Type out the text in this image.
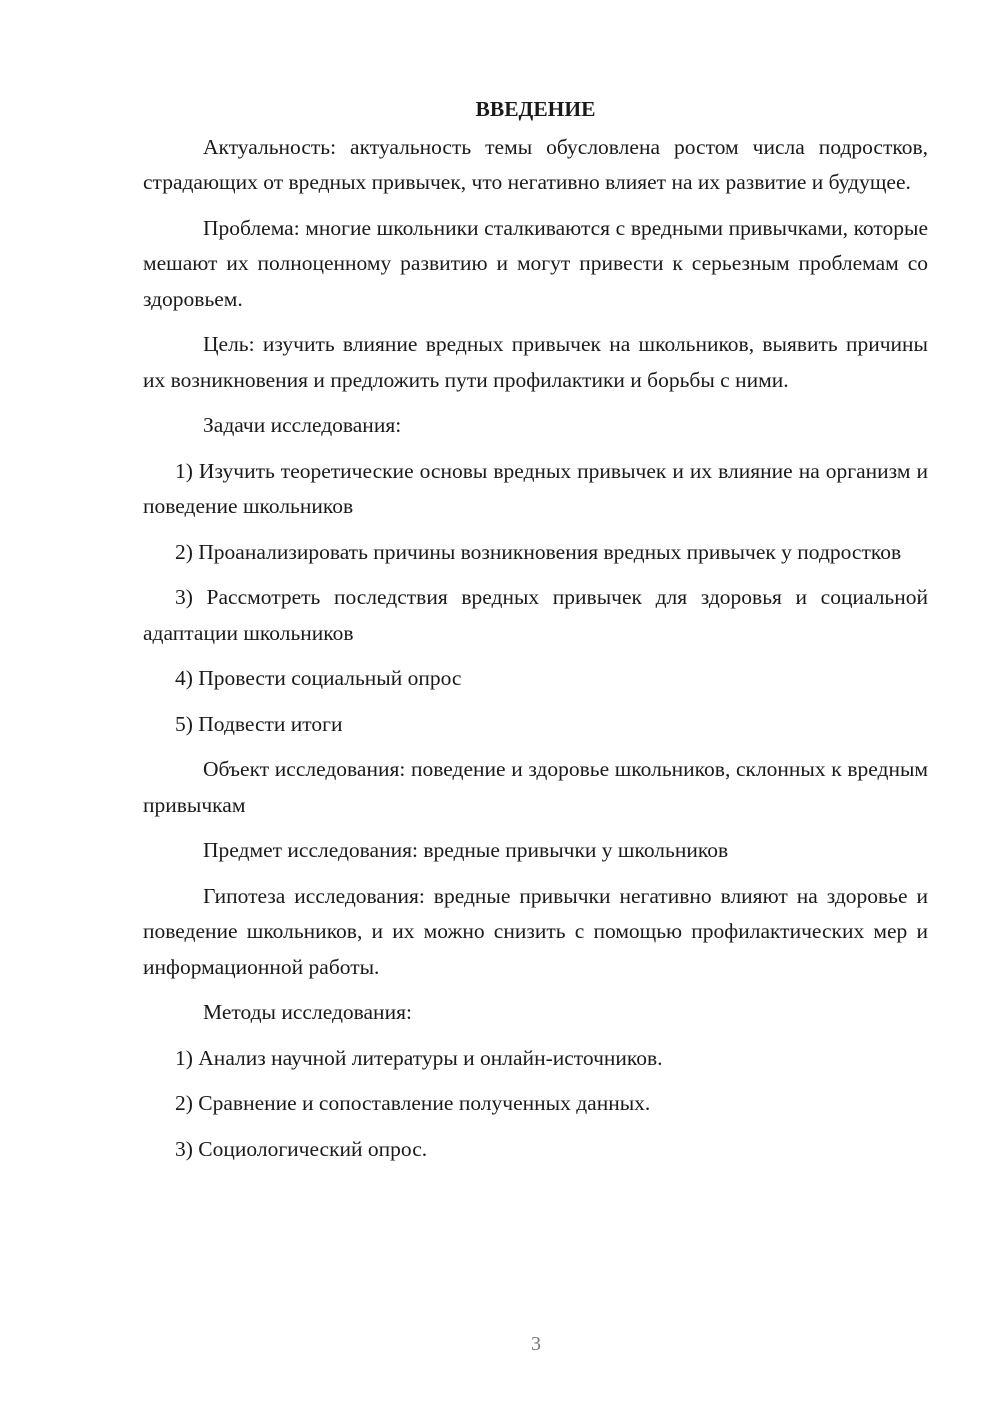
ВВЕДЕНИЕ

Актуальность: актуальность темы обусловлена ростом числа подростков, страдающих от вредных привычек, что негативно влияет на их развитие и будущее.

Проблема: многие школьники сталкиваются с вредными привычками, которые мешают их полноценному развитию и могут привести к серьезным проблемам со здоровьем.

Цель: изучить влияние вредных привычек на школьников, выявить причины их возникновения и предложить пути профилактики и борьбы с ними.

Задачи исследования:

1) Изучить теоретические основы вредных привычек и их влияние на организм и поведение школьников

2) Проанализировать причины возникновения вредных привычек у подростков

3) Рассмотреть последствия вредных привычек для здоровья и социальной адаптации школьников

4) Провести социальный опрос

5) Подвести итоги

Объект исследования: поведение и здоровье школьников, склонных к вредным привычкам

Предмет исследования: вредные привычки у школьников

Гипотеза исследования: вредные привычки негативно влияют на здоровье и поведение школьников, и их можно снизить с помощью профилактических мер и информационной работы.

Методы исследования:

1) Анализ научной литературы и онлайн-источников.

2) Сравнение и сопоставление полученных данных.

3) Социологический опрос.

3
